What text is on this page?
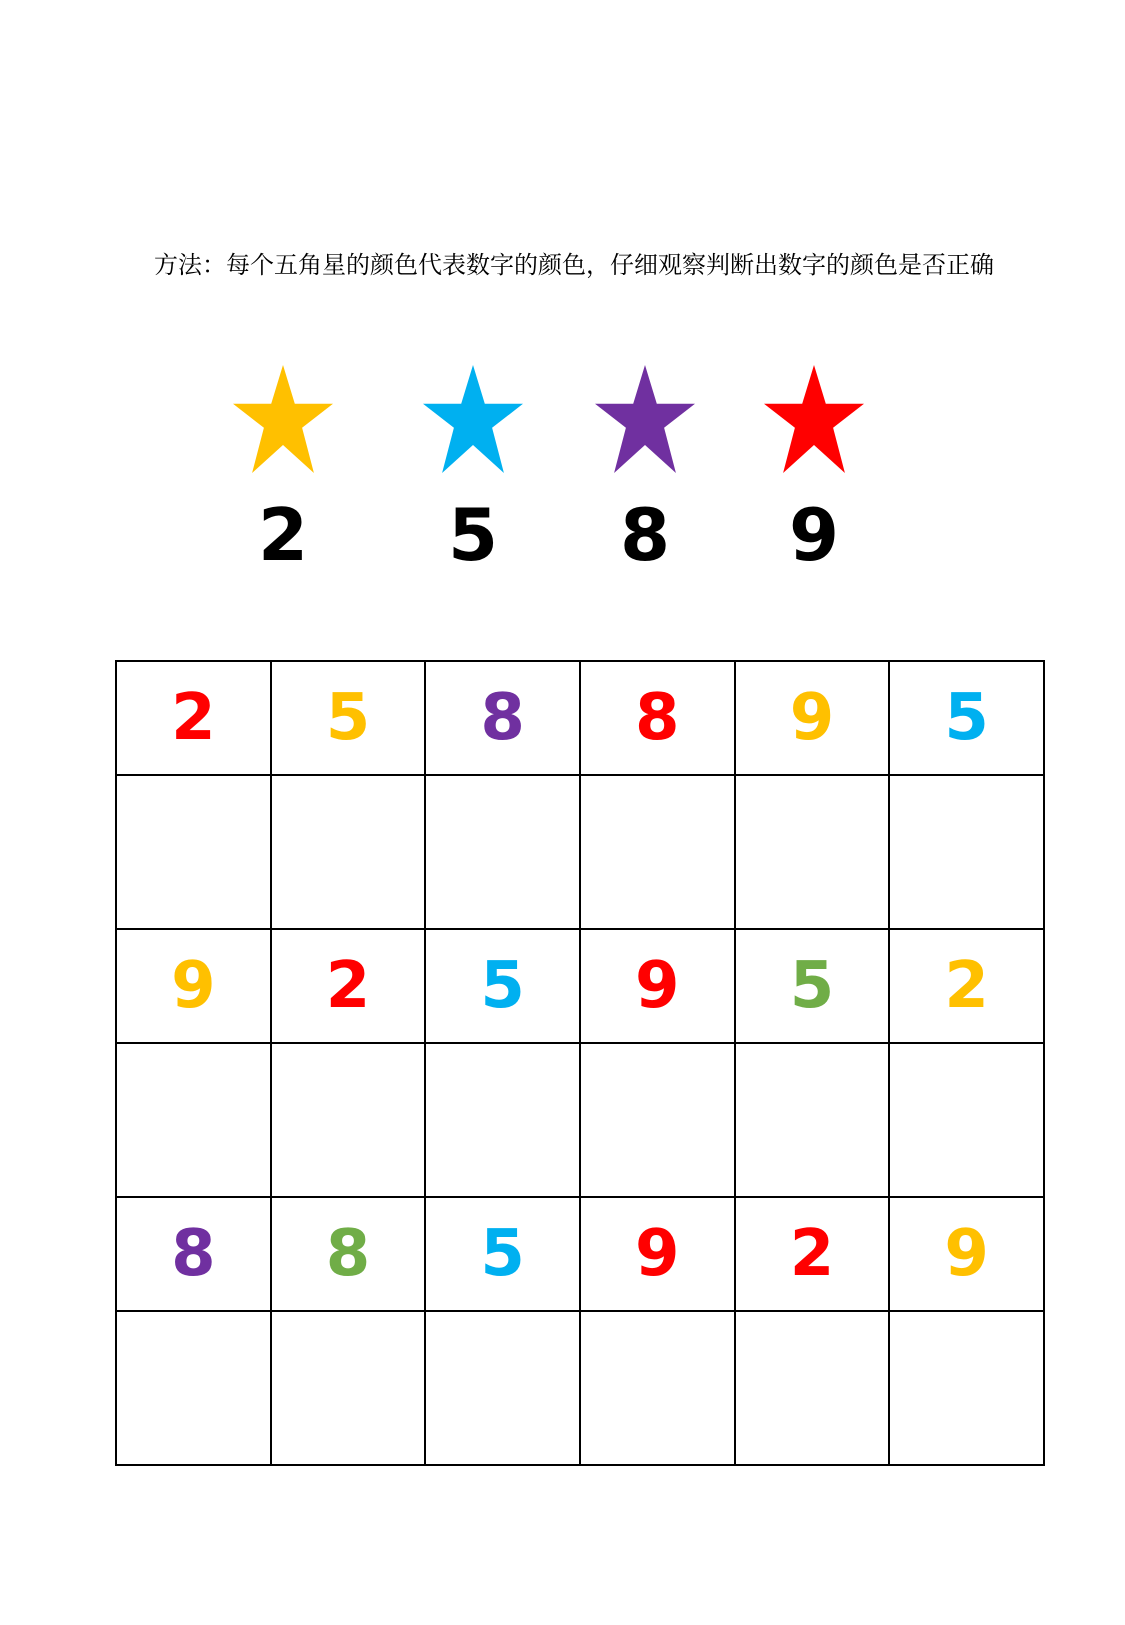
方法：每个五角星的颜色代表数字的颜色，仔细观察判断出数字的颜色是否正确
2	5	8	9
2	5	8	8	9	5

9	2	5	9	5	2

8	8	5	9	2	9
